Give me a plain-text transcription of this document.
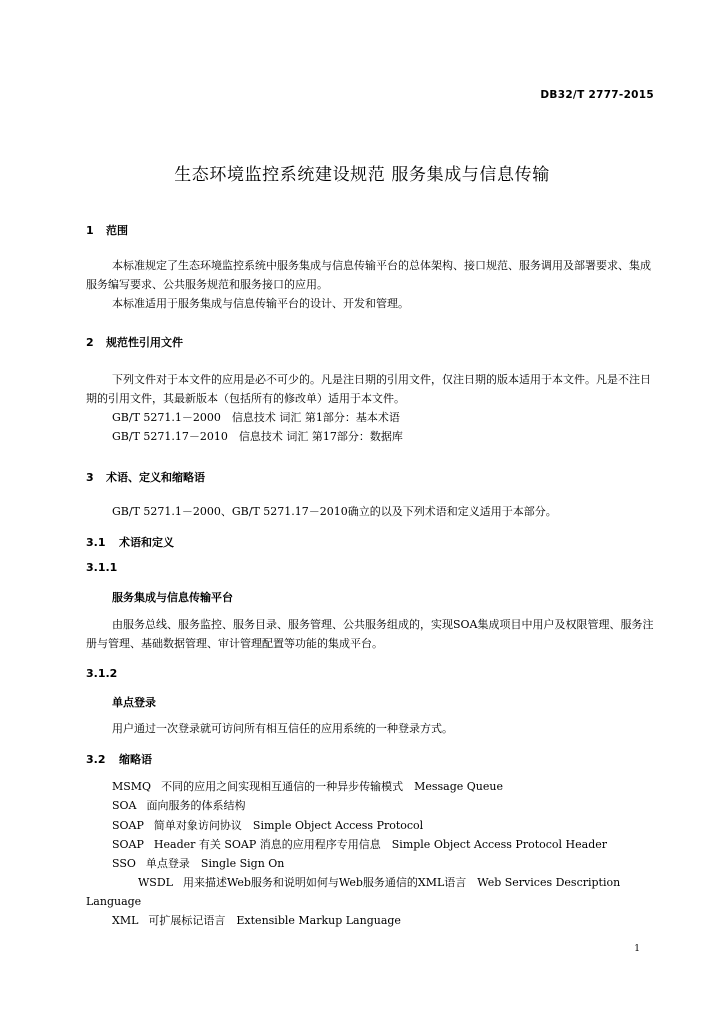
DB32/T 2777-2015
生态环境监控系统建设规范 服务集成与信息传输
1 范围
本标准规定了生态环境监控系统中服务集成与信息传输平台的总体架构、接口规范、服务调用及部署要求、集成服务编写要求、公共服务规范和服务接口的应用。
本标准适用于服务集成与信息传输平台的设计、开发和管理。
2 规范性引用文件
下列文件对于本文件的应用是必不可少的。凡是注日期的引用文件，仅注日期的版本适用于本文件。凡是不注日期的引用文件，其最新版本（包括所有的修改单）适用于本文件。
GB/T 5271.1－2000　信息技术 词汇 第1部分：基本术语
GB/T 5271.17－2010　信息技术 词汇 第17部分：数据库
3 术语、定义和缩略语
GB/T 5271.1－2000、GB/T 5271.17－2010确立的以及下列术语和定义适用于本部分。
3.1 术语和定义
3.1.1
服务集成与信息传输平台
由服务总线、服务监控、服务目录、服务管理、公共服务组成的，实现SOA集成项目中用户及权限管理、服务注册与管理、基础数据管理、审计管理配置等功能的集成平台。
3.1.2
单点登录
用户通过一次登录就可访问所有相互信任的应用系统的一种登录方式。
3.2 缩略语
MSMQ 不同的应用之间实现相互通信的一种异步传输模式　Message Queue
SOA 面向服务的体系结构
SOAP 简单对象访问协议　Simple Object Access Protocol
SOAP Header 有关 SOAP 消息的应用程序专用信息　Simple Object Access Protocol Header
SSO 单点登录　Single Sign On
WSDL 用来描述Web服务和说明如何与Web服务通信的XML语言　Web Services Description Language
XML 可扩展标记语言　Extensible Markup Language
1
